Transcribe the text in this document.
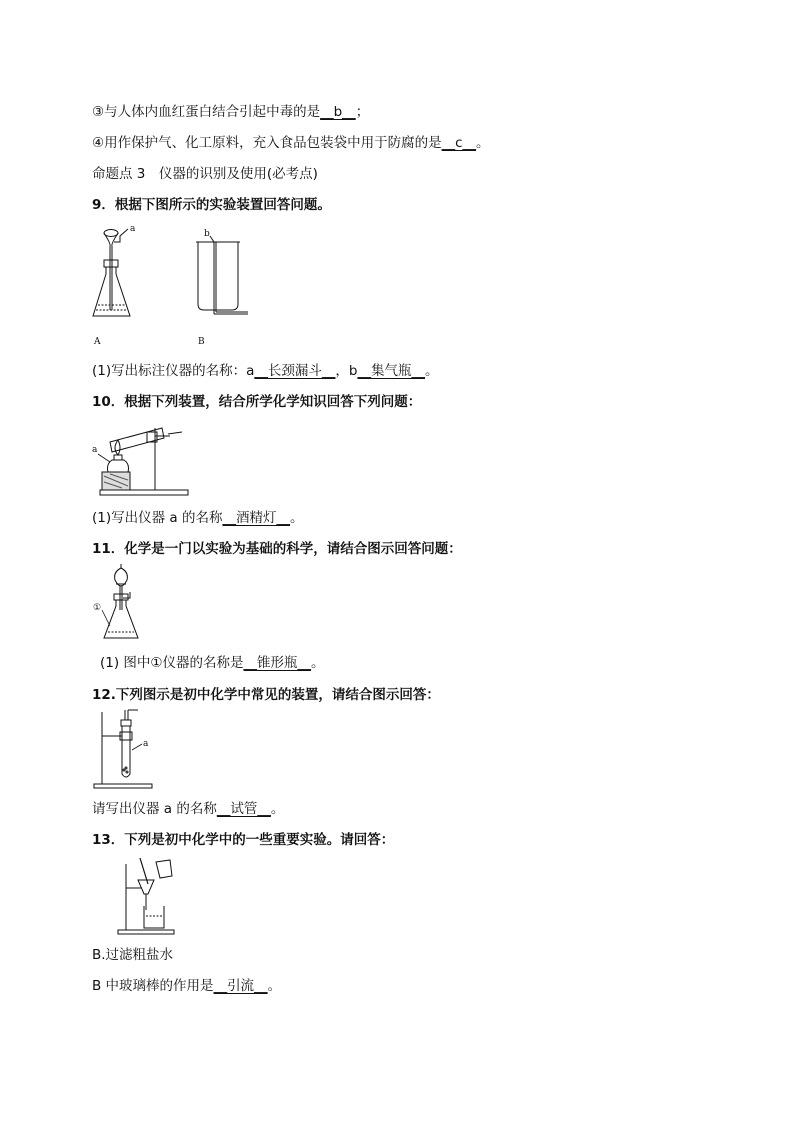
③与人体内血红蛋白结合引起中毒的是__b__；
④用作保护气、化工原料，充入食品包装袋中用于防腐的是__c__。
命题点 3　仪器的识别及使用(必考点)
9．根据下图所示的实验装置回答问题。
a	b
A	B
(1)写出标注仪器的名称：a__长颈漏斗__，b__集气瓶__。
10．根据下列装置，结合所学化学知识回答下列问题：
a
(1)写出仪器 a 的名称__酒精灯__。
11．化学是一门以实验为基础的科学，请结合图示回答问题：
①
(1) 图中①仪器的名称是__锥形瓶__。
12.下列图示是初中化学中常见的装置，请结合图示回答：
a
请写出仪器 a 的名称__试管__。
13．下列是初中化学中的一些重要实验。请回答：
B.过滤粗盐水
B 中玻璃棒的作用是__引流__。
